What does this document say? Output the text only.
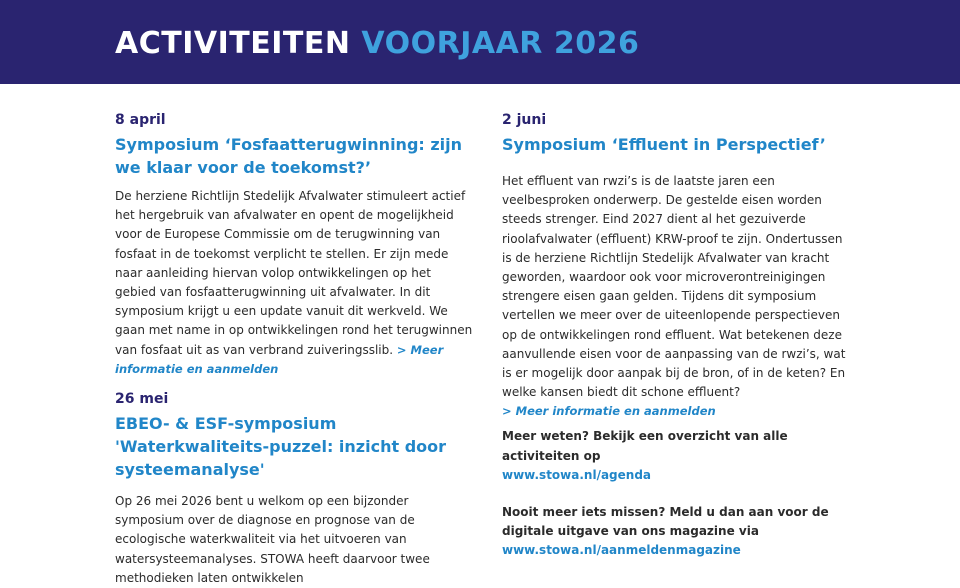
ACTIVITEITEN VOORJAAR 2026
8 april
Symposium ‘Fosfaatterugwinning: zijn we klaar voor de toekomst?’
De herziene Richtlijn Stedelijk Afvalwater stimuleert actief het hergebruik van afvalwater en opent de mogelijkheid voor de Europese Commissie om de terugwinning van fosfaat in de toekomst verplicht te stellen. Er zijn mede naar aanleiding hiervan volop ontwikkelingen op het gebied van fosfaatterugwinning uit afvalwater. In dit symposium krijgt u een update vanuit dit werkveld. We gaan met name in op ontwikkelingen rond het terugwinnen van fosfaat uit as van verbrand zuiveringsslib. > Meer informatie en aanmelden
26 mei
EBEO- & ESF-symposium 'Waterkwaliteits-puzzel: inzicht door systeemanalyse'
Op 26 mei 2026 bent u welkom op een bijzonder symposium over de diagnose en prognose van de ecologische waterkwaliteit via het uitvoeren van watersysteemanalyses. STOWA heeft daarvoor twee methodieken laten ontwikkelen
2 juni
Symposium ‘Effluent in Perspectief’
Het effluent van rwzi’s is de laatste jaren een veelbesproken onderwerp. De gestelde eisen worden steeds strenger. Eind 2027 dient al het gezuiverde rioolafvalwater (effluent) KRW-proof te zijn. Ondertussen is de herziene Richtlijn Stedelijk Afvalwater van kracht geworden, waardoor ook voor microverontreinigingen strengere eisen gaan gelden. Tijdens dit symposium vertellen we meer over de uiteenlopende perspectieven op de ontwikkelingen rond effluent. Wat betekenen deze aanvullende eisen voor de aanpassing van de rwzi’s, wat is er mogelijk door aanpak bij de bron, of in de keten? En welke kansen biedt dit schone effluent?
> Meer informatie en aanmelden
Meer weten? Bekijk een overzicht van alle activiteiten op
www.stowa.nl/agenda
Nooit meer iets missen? Meld u dan aan voor de digitale uitgave van ons magazine via
www.stowa.nl/aanmeldenmagazine
